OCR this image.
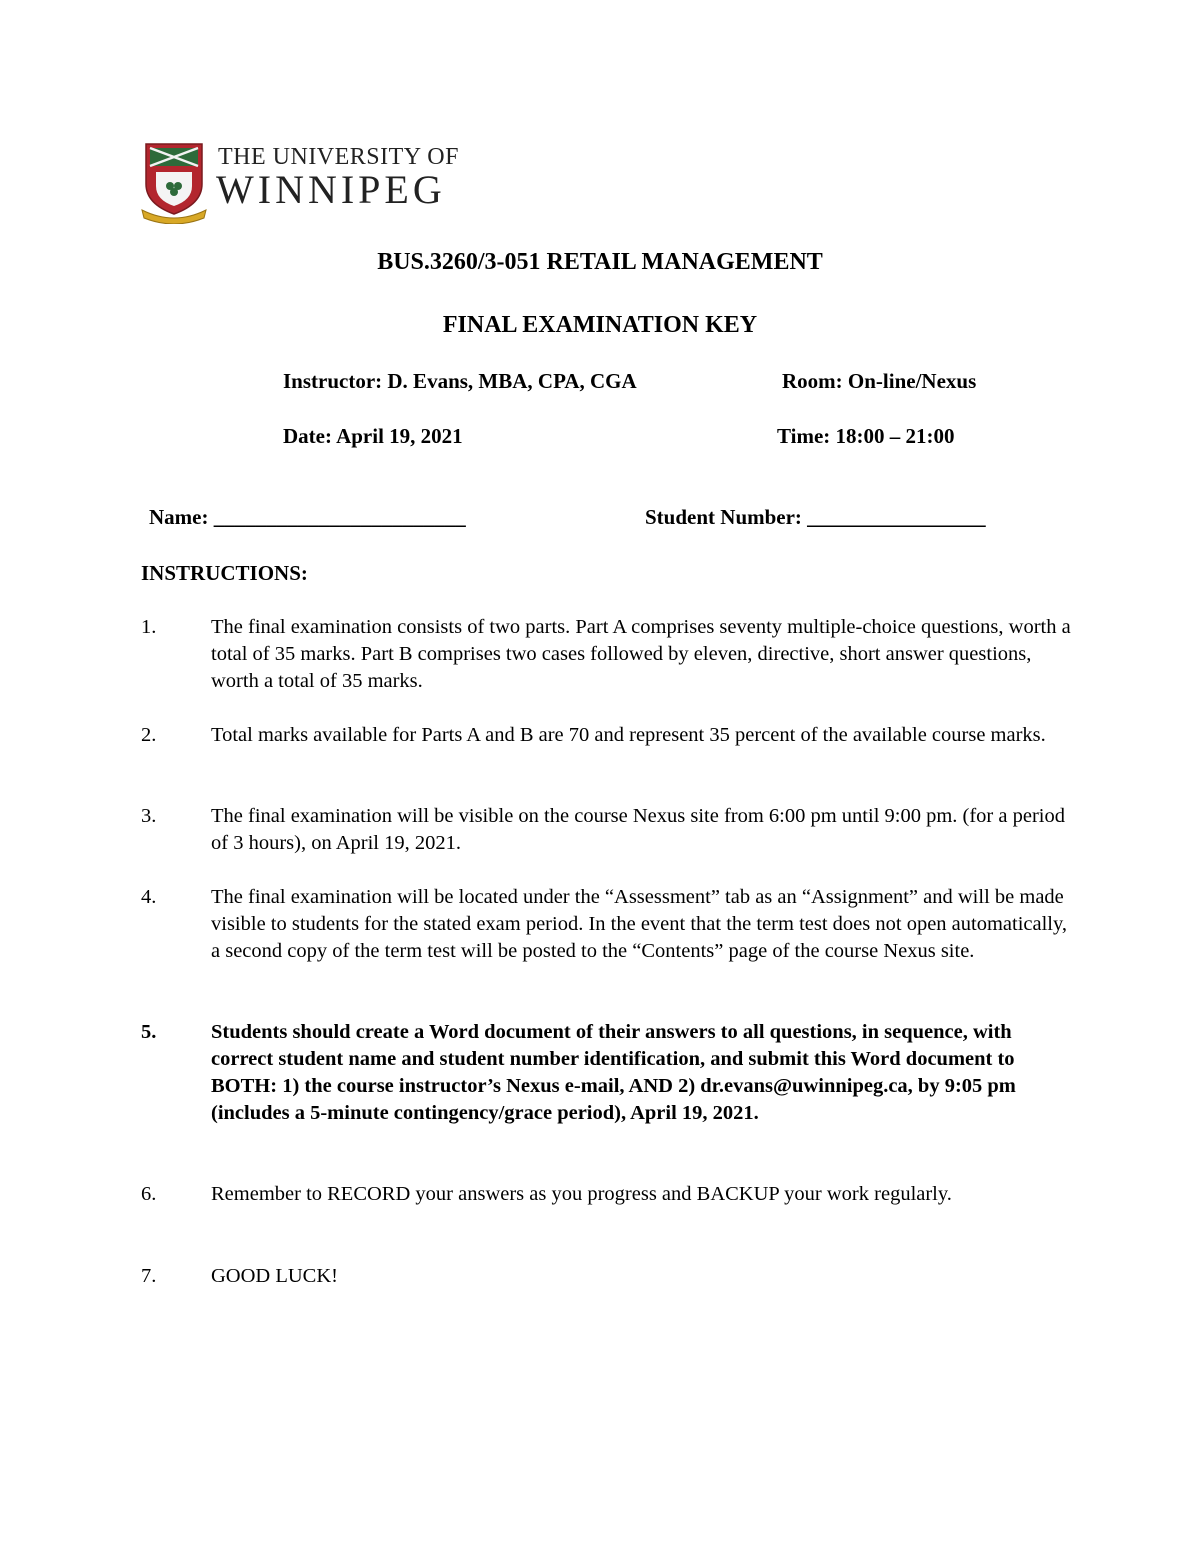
THE UNIVERSITY OF
WINNIPEG
BUS.3260/3-051 RETAIL MANAGEMENT
FINAL EXAMINATION KEY
Instructor: D. Evans, MBA, CPA, CGA	Room: On-line/Nexus
Date: April 19, 2021	Time: 18:00 – 21:00
Name: ________________________	Student Number: _________________
INSTRUCTIONS:
1.	The final examination consists of two parts. Part A comprises seventy multiple-choice questions, worth a total of 35 marks. Part B comprises two cases followed by eleven, directive, short answer questions, worth a total of 35 marks.
2.	Total marks available for Parts A and B are 70 and represent 35 percent of the available course marks.
3.	The final examination will be visible on the course Nexus site from 6:00 pm until 9:00 pm. (for a period of 3 hours), on April 19, 2021.
4.	The final examination will be located under the “Assessment” tab as an “Assignment” and will be made visible to students for the stated exam period. In the event that the term test does not open automatically, a second copy of the term test will be posted to the “Contents” page of the course Nexus site.
5.	Students should create a Word document of their answers to all questions, in sequence, with correct student name and student number identification, and submit this Word document to BOTH: 1) the course instructor’s Nexus e-mail, AND 2) dr.evans@uwinnipeg.ca, by 9:05 pm (includes a 5-minute contingency/grace period), April 19, 2021.
6.	Remember to RECORD your answers as you progress and BACKUP your work regularly.
7.	GOOD LUCK!
